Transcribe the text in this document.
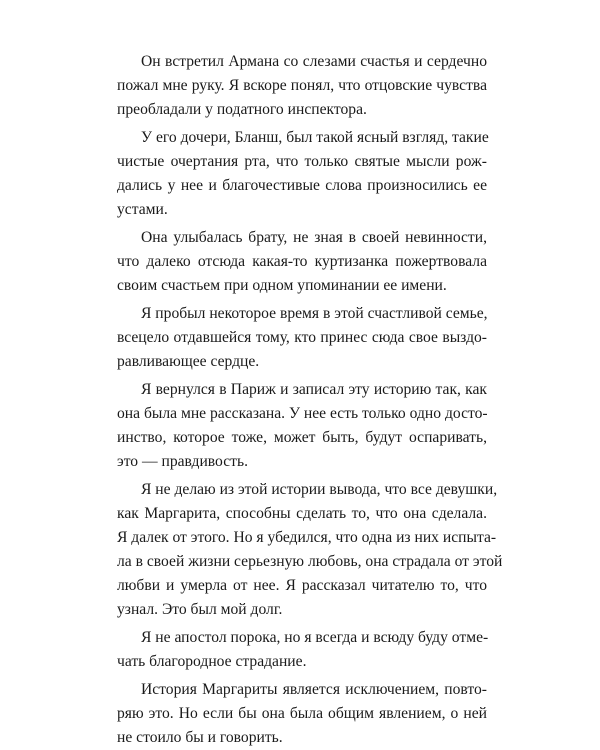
Он встретил Армана со слезами счастья и сердечно
пожал мне руку. Я вскоре понял, что отцовские чувства
преобладали у податного инспектора.
У его дочери, Бланш, был такой ясный взгляд, такие
чистые очертания рта, что только святые мысли рож-
дались у нее и благочестивые слова произносились ее
устами.
Она улыбалась брату, не зная в своей невинности,
что далеко отсюда какая-то куртизанка пожертвовала
своим счастьем при одном упоминании ее имени.
Я пробыл некоторое время в этой счастливой семье,
всецело отдавшейся тому, кто принес сюда свое выздо-
равливающее сердце.
Я вернулся в Париж и записал эту историю так, как
она была мне рассказана. У нее есть только одно досто-
инство, которое тоже, может быть, будут оспаривать,
это — правдивость.
Я не делаю из этой истории вывода, что все девушки,
как Маргарита, способны сделать то, что она сделала.
Я далек от этого. Но я убедился, что одна из них испыта-
ла в своей жизни серьезную любовь, она страдала от этой
любви и умерла от нее. Я рассказал читателю то, что
узнал. Это был мой долг.
Я не апостол порока, но я всегда и всюду буду отме-
чать благородное страдание.
История Маргариты является исключением, повто-
ряю это. Но если бы она была общим явлением, о ней
не стоило бы и говорить.
